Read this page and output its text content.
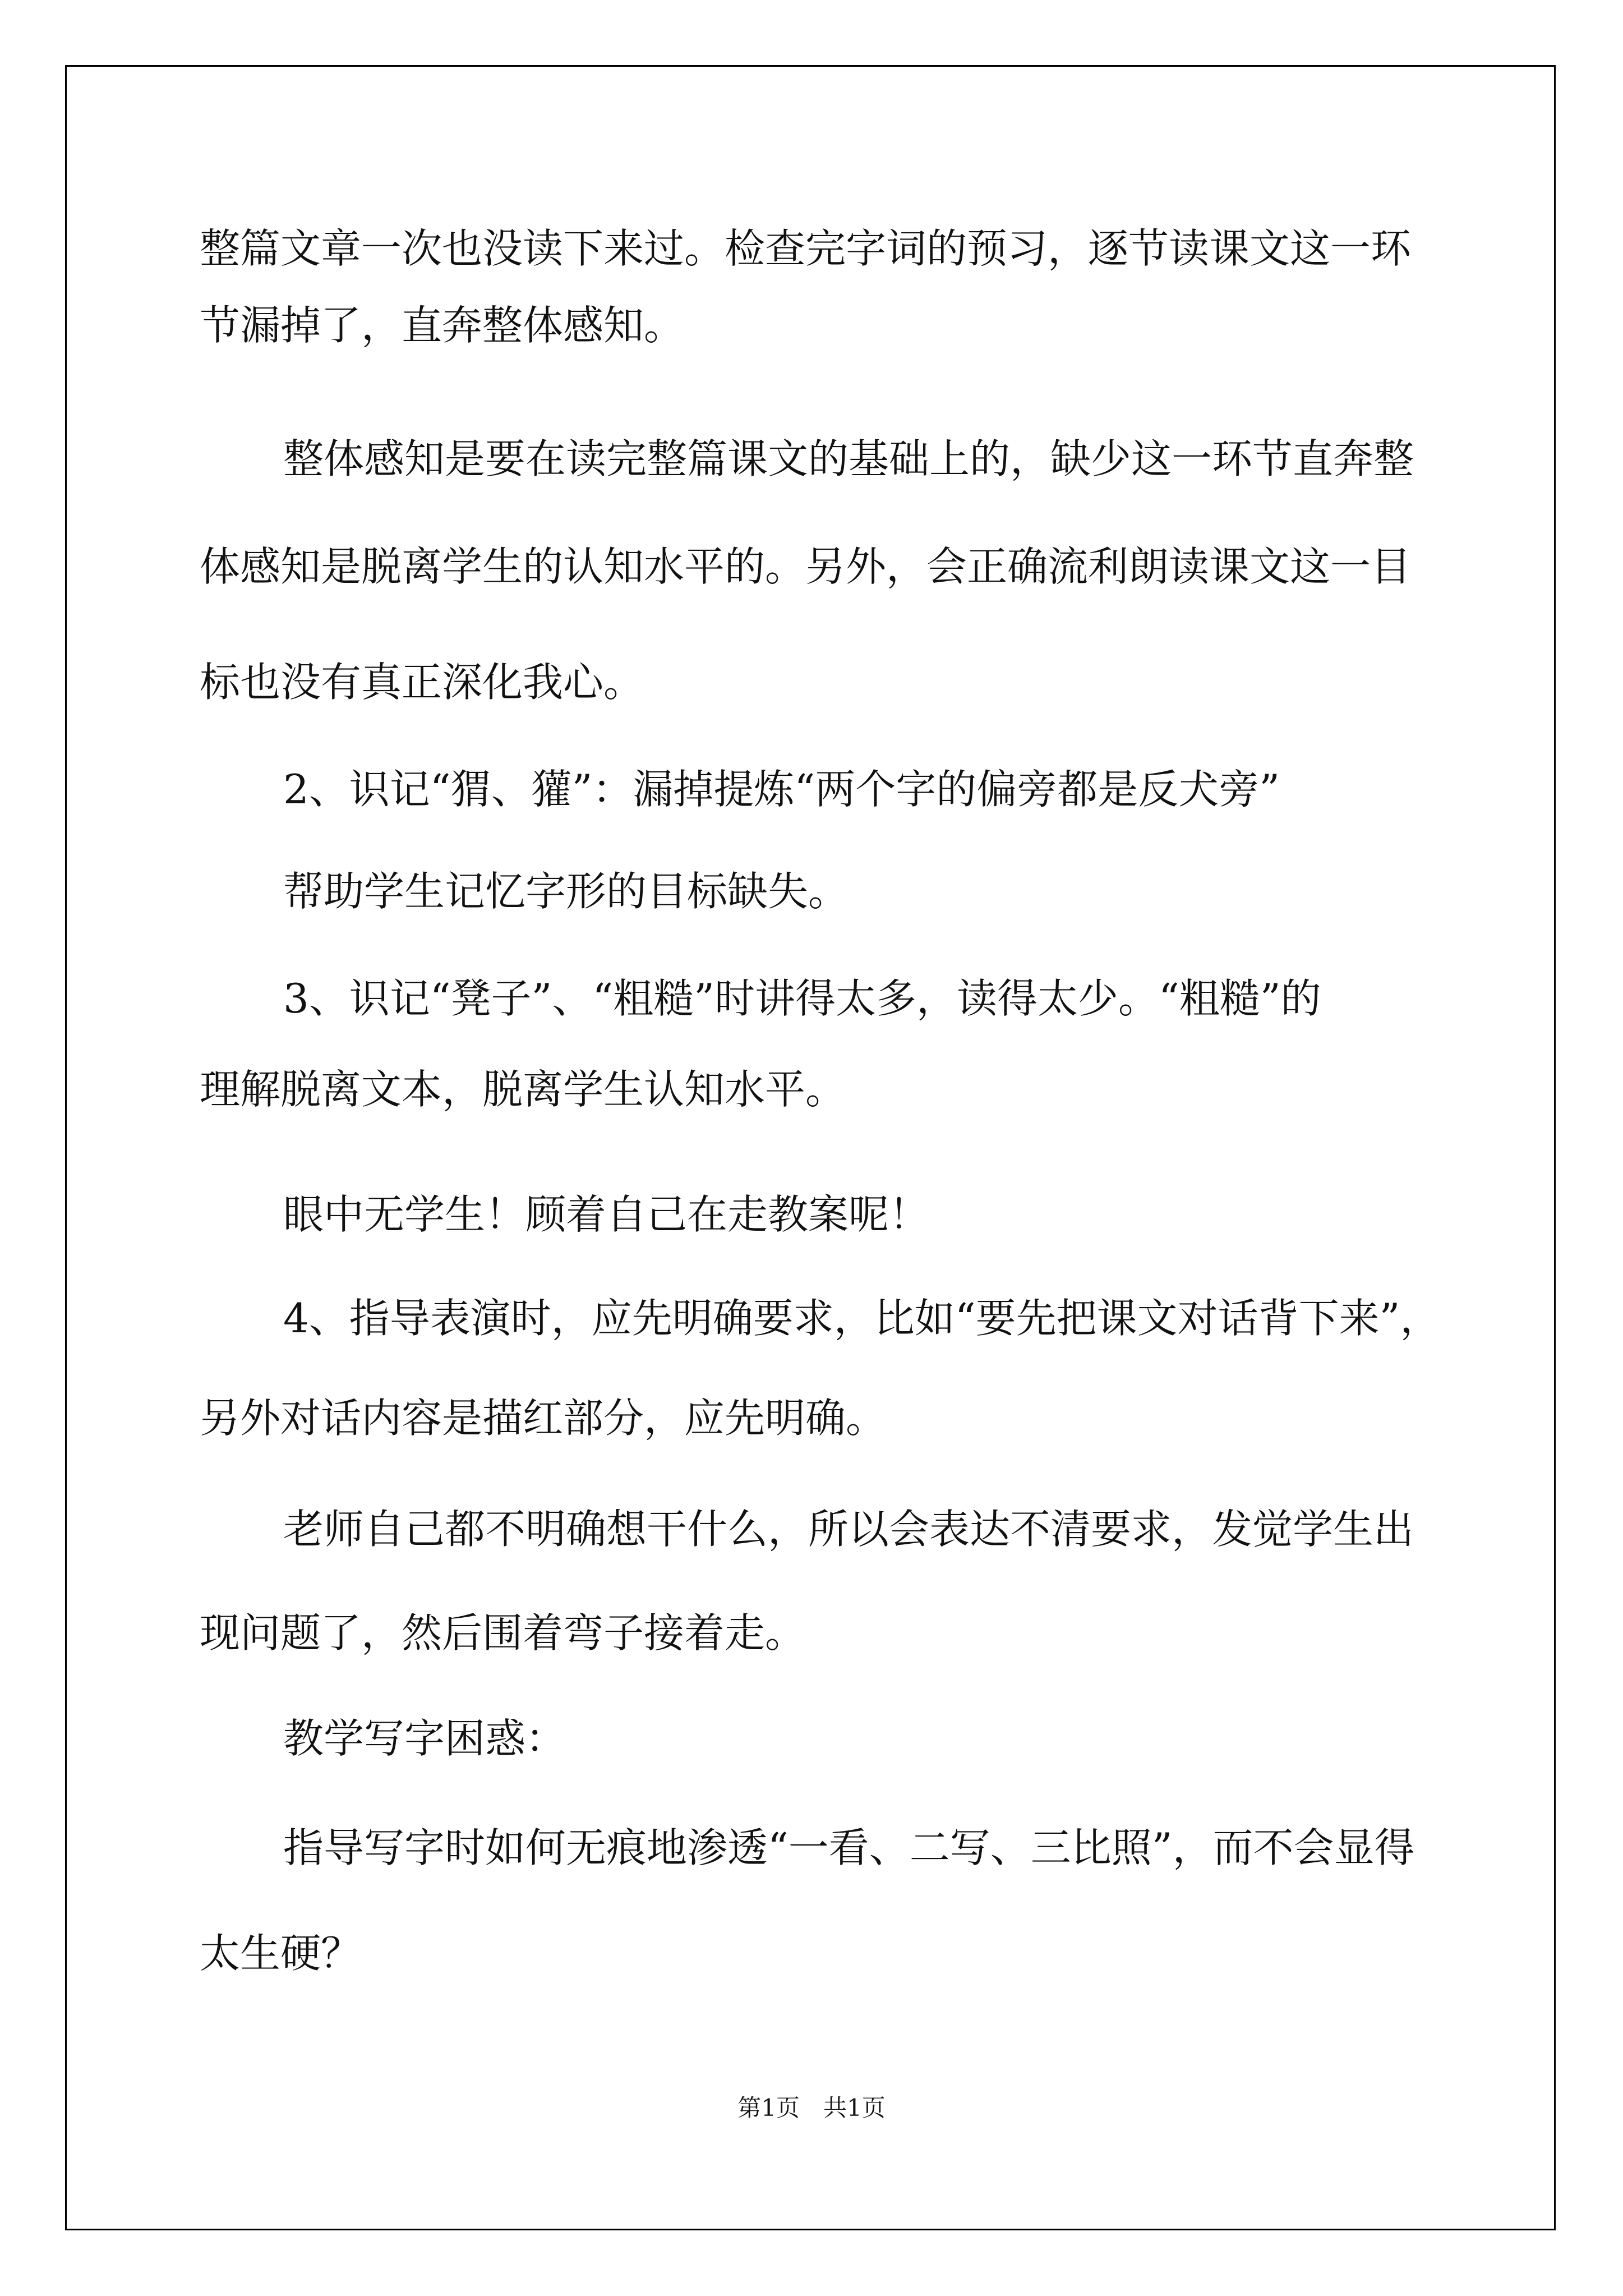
整篇文章一次也没读下来过。检查完字词的预习，逐节读课文这一环

节漏掉了，直奔整体感知。

整体感知是要在读完整篇课文的基础上的，缺少这一环节直奔整

体感知是脱离学生的认知水平的。另外，会正确流利朗读课文这一目

标也没有真正深化我心。

2、识记“猬、獾”：漏掉提炼“两个字的偏旁都是反犬旁”

帮助学生记忆字形的目标缺失。

3、识记“凳子”、“粗糙”时讲得太多，读得太少。“粗糙”的

理解脱离文本，脱离学生认知水平。

眼中无学生！顾着自己在走教案呢！

4、指导表演时，应先明确要求，比如“要先把课文对话背下来”，

另外对话内容是描红部分，应先明确。

老师自己都不明确想干什么，所以会表达不清要求，发觉学生出

现问题了，然后围着弯子接着走。

教学写字困惑：

指导写字时如何无痕地渗透“一看、二写、三比照”，而不会显得

太生硬？

第1页　共1页
